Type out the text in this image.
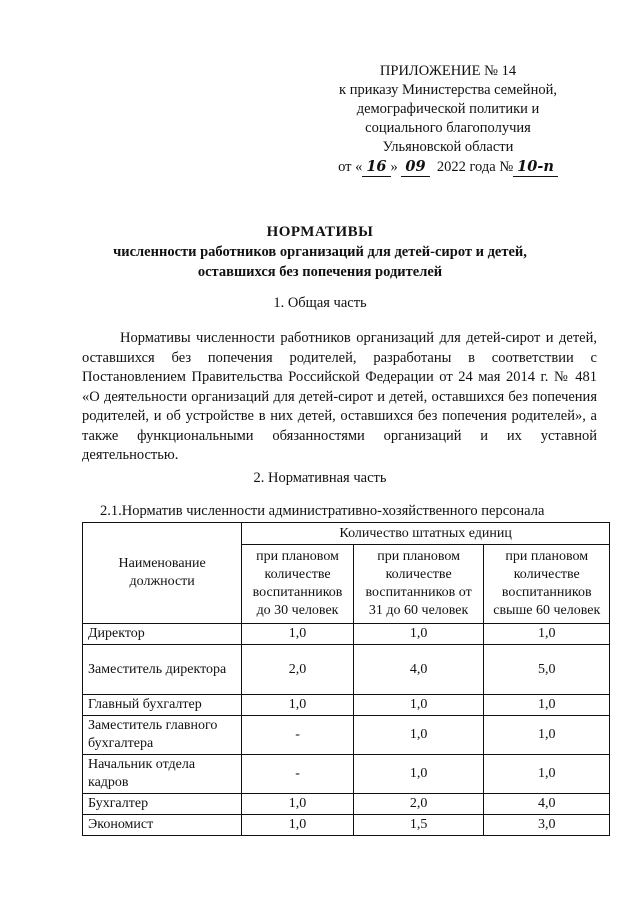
ПРИЛОЖЕНИЕ № 14
к приказу Министерства семейной,
демографической политики и
социального благополучия
Ульяновской области
от « 16 » 09 2022 года № 10-п
НОРМАТИВЫ
численности работников организаций для детей-сирот и детей,
оставшихся без попечения родителей
1. Общая часть

Нормативы численности работников организаций для детей-сирот и детей, оставшихся без попечения родителей, разработаны в соответствии с Постановлением Правительства Российской Федерации от 24 мая 2014 г. № 481 «О деятельности организаций для детей-сирот и детей, оставшихся без попечения родителей, и об устройстве в них детей, оставшихся без попечения родителей», а также функциональными обязанностями организаций и их уставной деятельностью.

2. Нормативная часть
2.1.Норматив численности административно-хозяйственного персонала
Наименование должности	Количество штатных единиц		
	при плановом количестве воспитанников до 30 человек	при плановом количестве воспитанников от 31 до 60 человек	при плановом количестве воспитанников свыше 60 человек
Директор	1,0	1,0	1,0
Заместитель директора	2,0	4,0	5,0
Главный бухгалтер	1,0	1,0	1,0
Заместитель главного бухгалтера	-	1,0	1,0
Начальник отдела кадров	-	1,0	1,0
Бухгалтер	1,0	2,0	4,0
Экономист	1,0	1,5	3,0
